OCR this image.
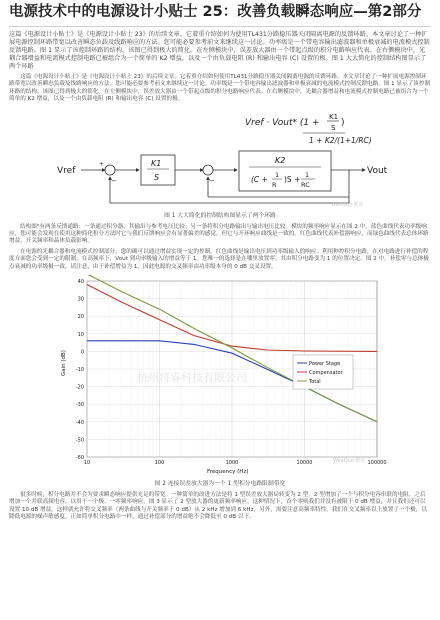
电源技术中的电源设计小贴士 25：改善负载瞬态响应—第2部分
这篇《电源设计小贴士》是《电源设计小贴士 23》的后续文章。它着重介绍如何为使用TL431分路稳压器关闭隔离电源的反馈环路。本文章讨论了一种扩展电源控制环路带宽以改善瞬态负载及线路响应的方法。您可能必要参考前文来继续这一讨论。功率级是一个带电容输出滤波器和单极衰减的电流模式控制反馈电路。图 1 显示了该控制环路的结构，该图已得到极大的简化。在左侧模块中，误差放大器由一个带起点级的积分电路响应代表。在右侧模块中，光耦合器增益和电流模式控制电路已被组合为一个简单的 K2 增益，以及一个由负载电阻 (R) 和输出电容 (C) 设置的极。图 1 大大简化的控制结构图显示了两个环路
这篇《电源设计小贴士》是《电源设计小贴士 23》的后续文章。它着重介绍如何使用TL431分路稳压器关闭隔离电源的反馈环路。本文章讨论了一种扩展电源控制环路带宽以改善瞬态负载及线路响应的方法。您可能必要参考前文来继续这一讨论。功率级是一个带电容输出滤波器和单极衰减的电流模式控制反馈电路。图 1 显示了该控制环路的结构，该图已得到极大的简化。在左侧模块中，误差放大器由一个带起点级的积分电路响应代表。在右侧模块中，光耦合器增益和电流模式控制电路已被组合为一个简单的 K2 增益，以及一个由负载电阻 (R) 和输出电容 (C) 设置的极。
Vref · Vout* (1 +
K1
S )
1 + K2/(1+1/RC)
Vref
+
−
K1
S	−
K2
(C + 1
R
)S + 1
RC
Vout
WeeQoo·维库
图 1 大大简化的控制结构图显示了两个环路
结构图"有两条反馈通路：一条通过积分器，其输出与参考电压比较；另一条将积分电路输出与输出电压比较。模块的频率响应显示在图 2 中。蓝色曲线代表功率级响应，您可能会发现在使用这种简化积分方法时它与我们反馈响应会有显著偏差的感觉，但它与开环响应曲线是一致的。红色曲线代表补偿器响应，而绿色曲线代表总体环路增益，开关频率和晶体负载影响。
在电源的光耦合器和电流模式控制部分，您的确可以通过增益实现一定的控制。红色曲线是输出电压到功率级输入的响应。利用种控积分电路，在对电路进行补偿的程度方面您会受到一定的限制。在高频率下，Vout 到功率级输入的增益等于 1。您唯一的选择是在哪里放置零。其由积分电路变为 1 的位置决定。图 2 中，补偿零与总体极点衰减的功率级极一致。请注意，由于补偿增益为 1，因此电源的交叉频率由功率级本身的 0 dB 交叉设置。
40
30
20
10
0
-10
-20
-30
-40
-50
-60
10	100	1000	10000	100000
Gain (dB)
Frequency (Hz)
杭州将睿科技有限公司
Power Stage
Compensator
Total
WeeQoo·维库
图 2 连接误差放大器为一个 1 型积分电路限制带宽
很多时候，积分电路并不会为要求瞬态响应提供充足的带宽。一种简单的改进方法是将 1 型误差放大器局转变为 2 型。2 型增加了一个与积分电容串联的电阻，之后增加一个并联高频电容，以用于一个极、一零频率响应。图 3 显示了 2 型放大器的更新频率响应。这种情况下，首个零则我们并没有被限于 0 dB 增益，并且我们还可以设置 10 dB 增益。这样就允许将交叉频率（两条曲线与开关频率于 0 dB）从 2 kHz 增加到 6 kHz，另外，需要注意高频率特性。我们在交叉频率以上放置了一个极，以降低电源的噪声敏感度。正如简单积分电路中一样，通过补偿部分的增益绝不会降低至 0 dB 以下。
